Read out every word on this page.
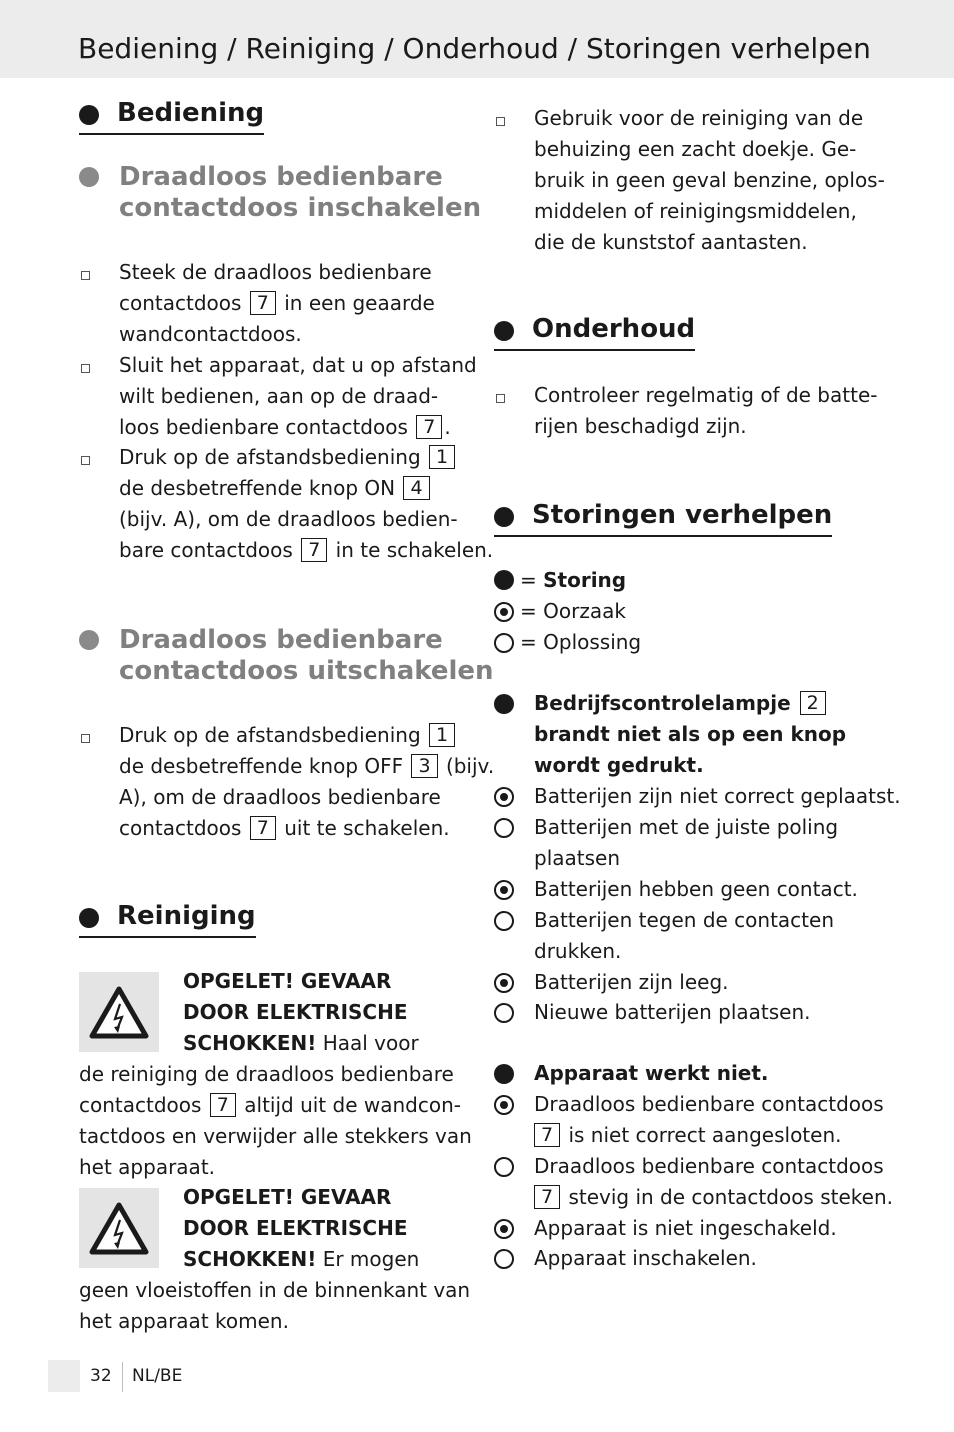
Bediening / Reiniging / Onderhoud / Storingen verhelpen
Bediening
Draadloos bedienbare
contactdoos inschakelen
Steek de draadloos bedienbare
contactdoos 7 in een geaarde
wandcontactdoos.
Sluit het apparaat, dat u op afstand
wilt bedienen, aan op de draad-
loos bedienbare contactdoos 7 .
Druk op de afstandsbediening 1
de desbetreffende knop ON 4
(bijv. A), om de draadloos bedien-
bare contactdoos 7 in te schakelen.
Draadloos bedienbare
contactdoos uitschakelen
Druk op de afstandsbediening 1
de desbetreffende knop OFF 3 (bijv.
A), om de draadloos bedienbare
contactdoos 7 uit te schakelen.
Reiniging
OPGELET! GEVAAR
DOOR ELEKTRISCHE
SCHOKKEN! Haal voor
de reiniging de draadloos bedienbare
contactdoos 7 altijd uit de wandcon-
tactdoos en verwijder alle stekkers van
het apparaat.
OPGELET! GEVAAR
DOOR ELEKTRISCHE
SCHOKKEN! Er mogen
geen vloeistoffen in de binnenkant van
het apparaat komen.
Gebruik voor de reiniging van de
behuizing een zacht doekje. Ge-
bruik in geen geval benzine, oplos-
middelen of reinigingsmiddelen,
die de kunststof aantasten.
Onderhoud
Controleer regelmatig of de batte-
rijen beschadigd zijn.
Storingen verhelpen
= Storing
= Oorzaak
= Oplossing
Bedrijfscontrolelampje 2
brandt niet als op een knop
wordt gedrukt.
Batterijen zijn niet correct geplaatst.
Batterijen met de juiste poling
plaatsen
Batterijen hebben geen contact.
Batterijen tegen de contacten
drukken.
Batterijen zijn leeg.
Nieuwe batterijen plaatsen.
Apparaat werkt niet.
Draadloos bedienbare contactdoos
7 is niet correct aangesloten.
Draadloos bedienbare contactdoos
7 stevig in de contactdoos steken.
Apparaat is niet ingeschakeld.
Apparaat inschakelen.
32 NL/BE
